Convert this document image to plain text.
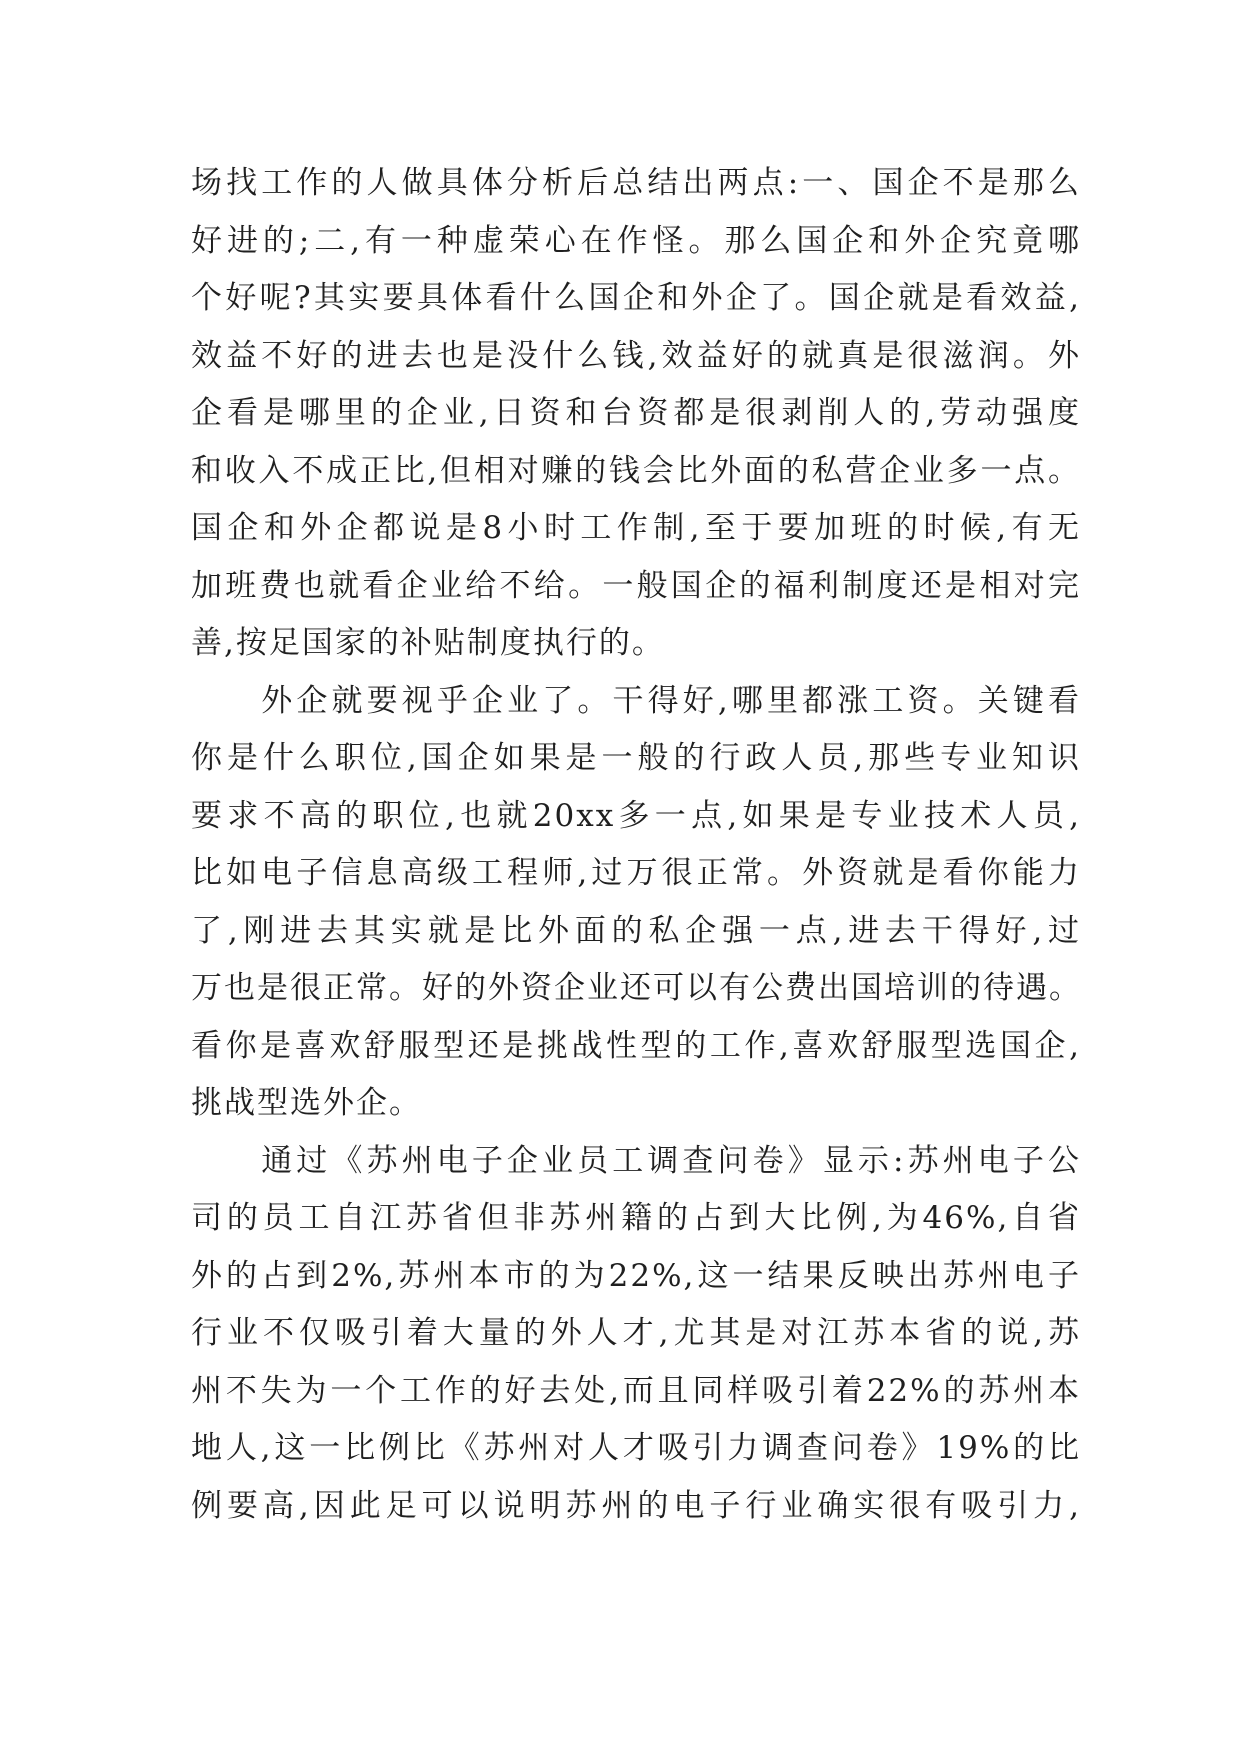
场找工作的人做具体分析后总结出两点:一、国企不是那么
好进的;二,有一种虚荣心在作怪。那么国企和外企究竟哪
个好呢?其实要具体看什么国企和外企了。国企就是看效益,
效益不好的进去也是没什么钱,效益好的就真是很滋润。外
企看是哪里的企业,日资和台资都是很剥削人的,劳动强度
和收入不成正比,但相对赚的钱会比外面的私营企业多一点。
国企和外企都说是8小时工作制,至于要加班的时候,有无
加班费也就看企业给不给。一般国企的福利制度还是相对完
善,按足国家的补贴制度执行的。
　　外企就要视乎企业了。干得好,哪里都涨工资。关键看
你是什么职位,国企如果是一般的行政人员,那些专业知识
要求不高的职位,也就20xx多一点,如果是专业技术人员,
比如电子信息高级工程师,过万很正常。外资就是看你能力
了,刚进去其实就是比外面的私企强一点,进去干得好,过
万也是很正常。好的外资企业还可以有公费出国培训的待遇。
看你是喜欢舒服型还是挑战性型的工作,喜欢舒服型选国企,
挑战型选外企。
　　通过《苏州电子企业员工调查问卷》显示:苏州电子公
司的员工自江苏省但非苏州籍的占到大比例,为46%,自省
外的占到2%,苏州本市的为22%,这一结果反映出苏州电子
行业不仅吸引着大量的外人才,尤其是对江苏本省的说,苏
州不失为一个工作的好去处,而且同样吸引着22%的苏州本
地人,这一比例比《苏州对人才吸引力调查问卷》19%的比
例要高,因此足可以说明苏州的电子行业确实很有吸引力,
